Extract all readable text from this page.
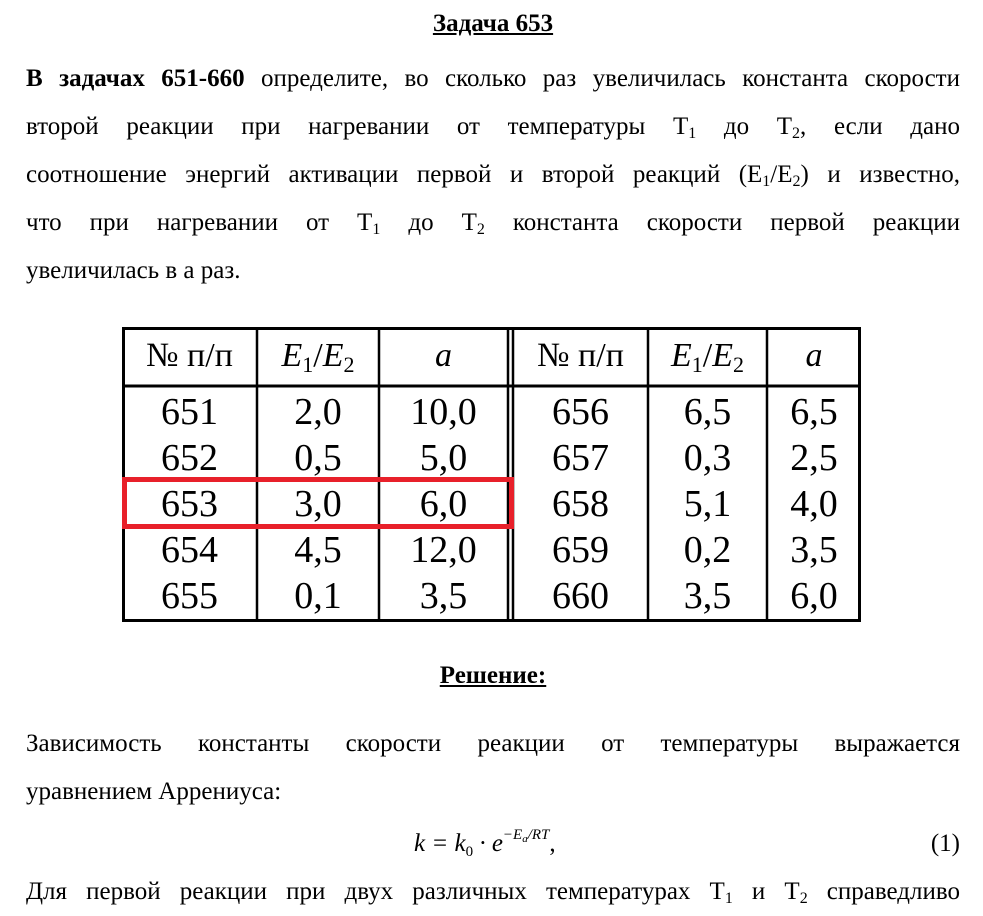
Задача 653
В задачах 651-660 определите, во сколько раз увеличилась константа скорости
второй реакции при нагревании от температуры $T_1$ до $T_2$, если дано
соотношение энергий активации первой и второй реакций $(E_1/E_2)$ и известно,
что при нагревании от $T_1$ до $T_2$ константа скорости первой реакции
увеличилась в a раз.
№ п/п	$E_1/E_2$	a	№ п/п	$E_1/E_2$	a
651	2,0	10,0	656	6,5	6,5
652	0,5	5,0	657	0,3	2,5
653	3,0	6,0	658	5,1	4,0
654	4,5	12,0	659	0,2	3,5
655	0,1	3,5	660	3,5	6,0
Решение:
Зависимость константы скорости реакции от температуры выражается
уравнением Аррениуса:
$k = k_0 \cdot e^{-E_a/RT}$,	(1)
Для первой реакции при двух различных температурах $T_1$ и $T_2$ справедливо
